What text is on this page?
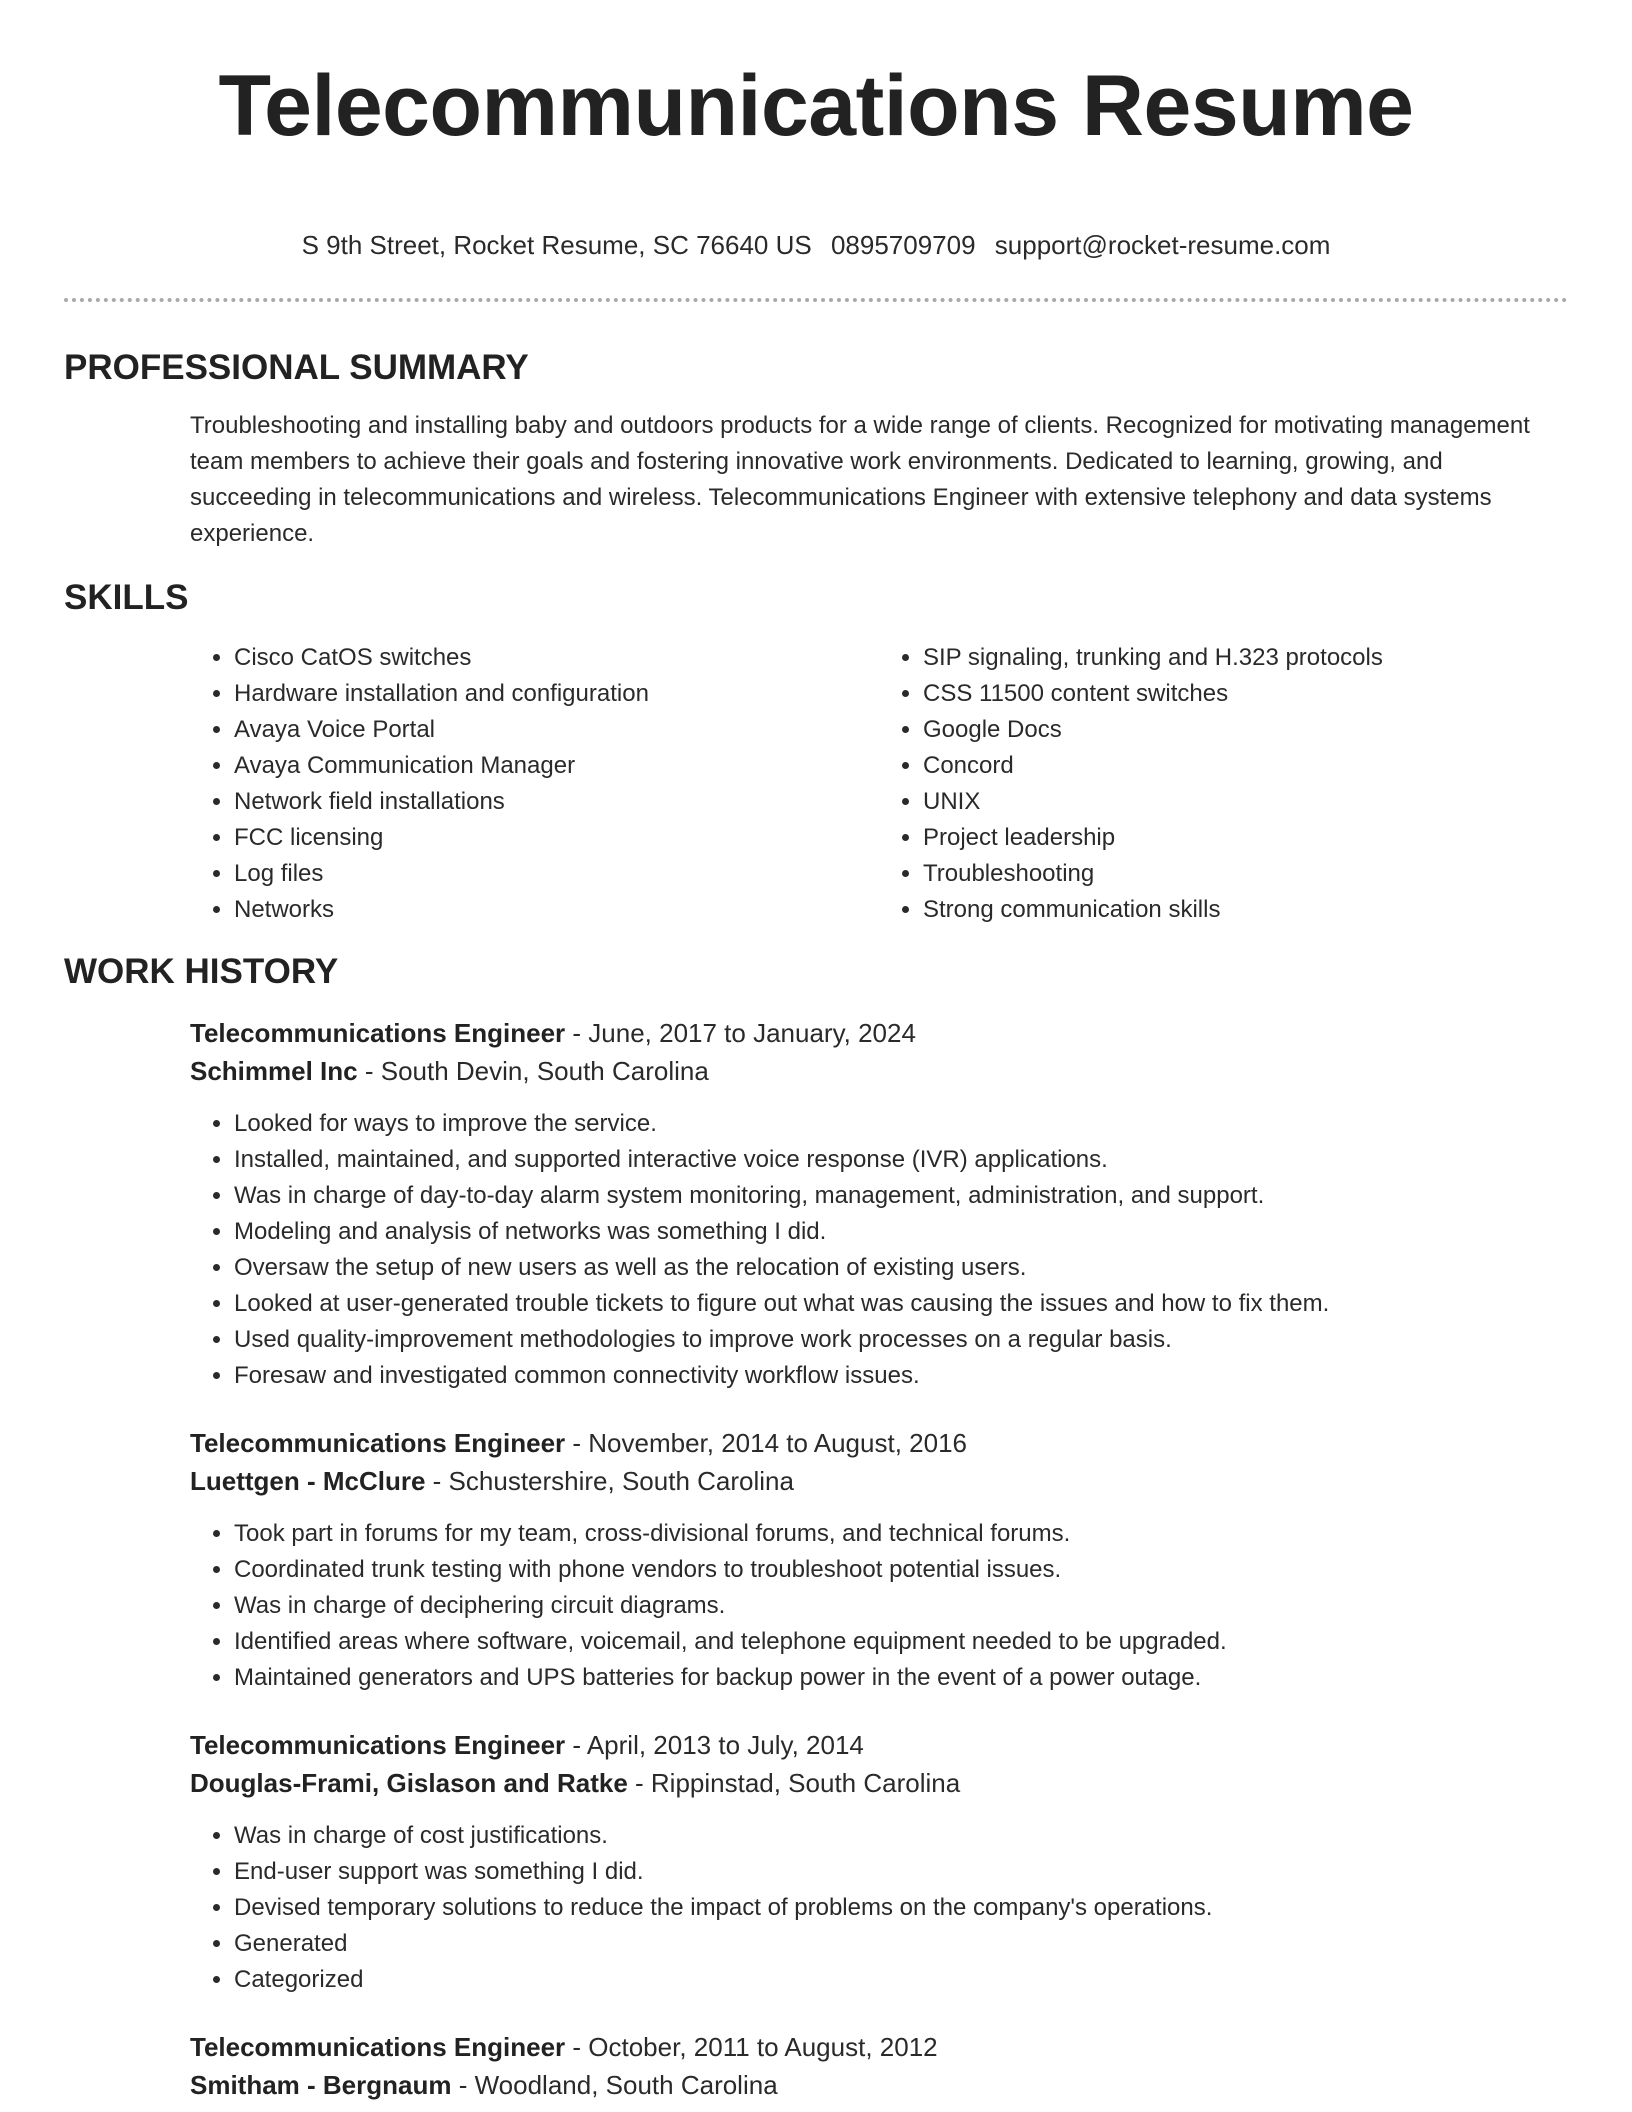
Telecommunications Resume
S 9th Street, Rocket Resume, SC 76640 US 0895709709 support@rocket-resume.com
PROFESSIONAL SUMMARY
Troubleshooting and installing baby and outdoors products for a wide range of clients. Recognized for motivating management team members to achieve their goals and fostering innovative work environments. Dedicated to learning, growing, and succeeding in telecommunications and wireless. Telecommunications Engineer with extensive telephony and data systems experience.
SKILLS
• Cisco CatOS switches
• Hardware installation and configuration
• Avaya Voice Portal
• Avaya Communication Manager
• Network field installations
• FCC licensing
• Log files
• Networks
• SIP signaling, trunking and H.323 protocols
• CSS 11500 content switches
• Google Docs
• Concord
• UNIX
• Project leadership
• Troubleshooting
• Strong communication skills
WORK HISTORY
Telecommunications Engineer - June, 2017 to January, 2024
Schimmel Inc - South Devin, South Carolina
• Looked for ways to improve the service.
• Installed, maintained, and supported interactive voice response (IVR) applications.
• Was in charge of day-to-day alarm system monitoring, management, administration, and support.
• Modeling and analysis of networks was something I did.
• Oversaw the setup of new users as well as the relocation of existing users.
• Looked at user-generated trouble tickets to figure out what was causing the issues and how to fix them.
• Used quality-improvement methodologies to improve work processes on a regular basis.
• Foresaw and investigated common connectivity workflow issues.
Telecommunications Engineer - November, 2014 to August, 2016
Luettgen - McClure - Schustershire, South Carolina
• Took part in forums for my team, cross-divisional forums, and technical forums.
• Coordinated trunk testing with phone vendors to troubleshoot potential issues.
• Was in charge of deciphering circuit diagrams.
• Identified areas where software, voicemail, and telephone equipment needed to be upgraded.
• Maintained generators and UPS batteries for backup power in the event of a power outage.
Telecommunications Engineer - April, 2013 to July, 2014
Douglas-Frami, Gislason and Ratke - Rippinstad, South Carolina
• Was in charge of cost justifications.
• End-user support was something I did.
• Devised temporary solutions to reduce the impact of problems on the company's operations.
• Generated
• Categorized
Telecommunications Engineer - October, 2011 to August, 2012
Smitham - Bergnaum - Woodland, South Carolina
